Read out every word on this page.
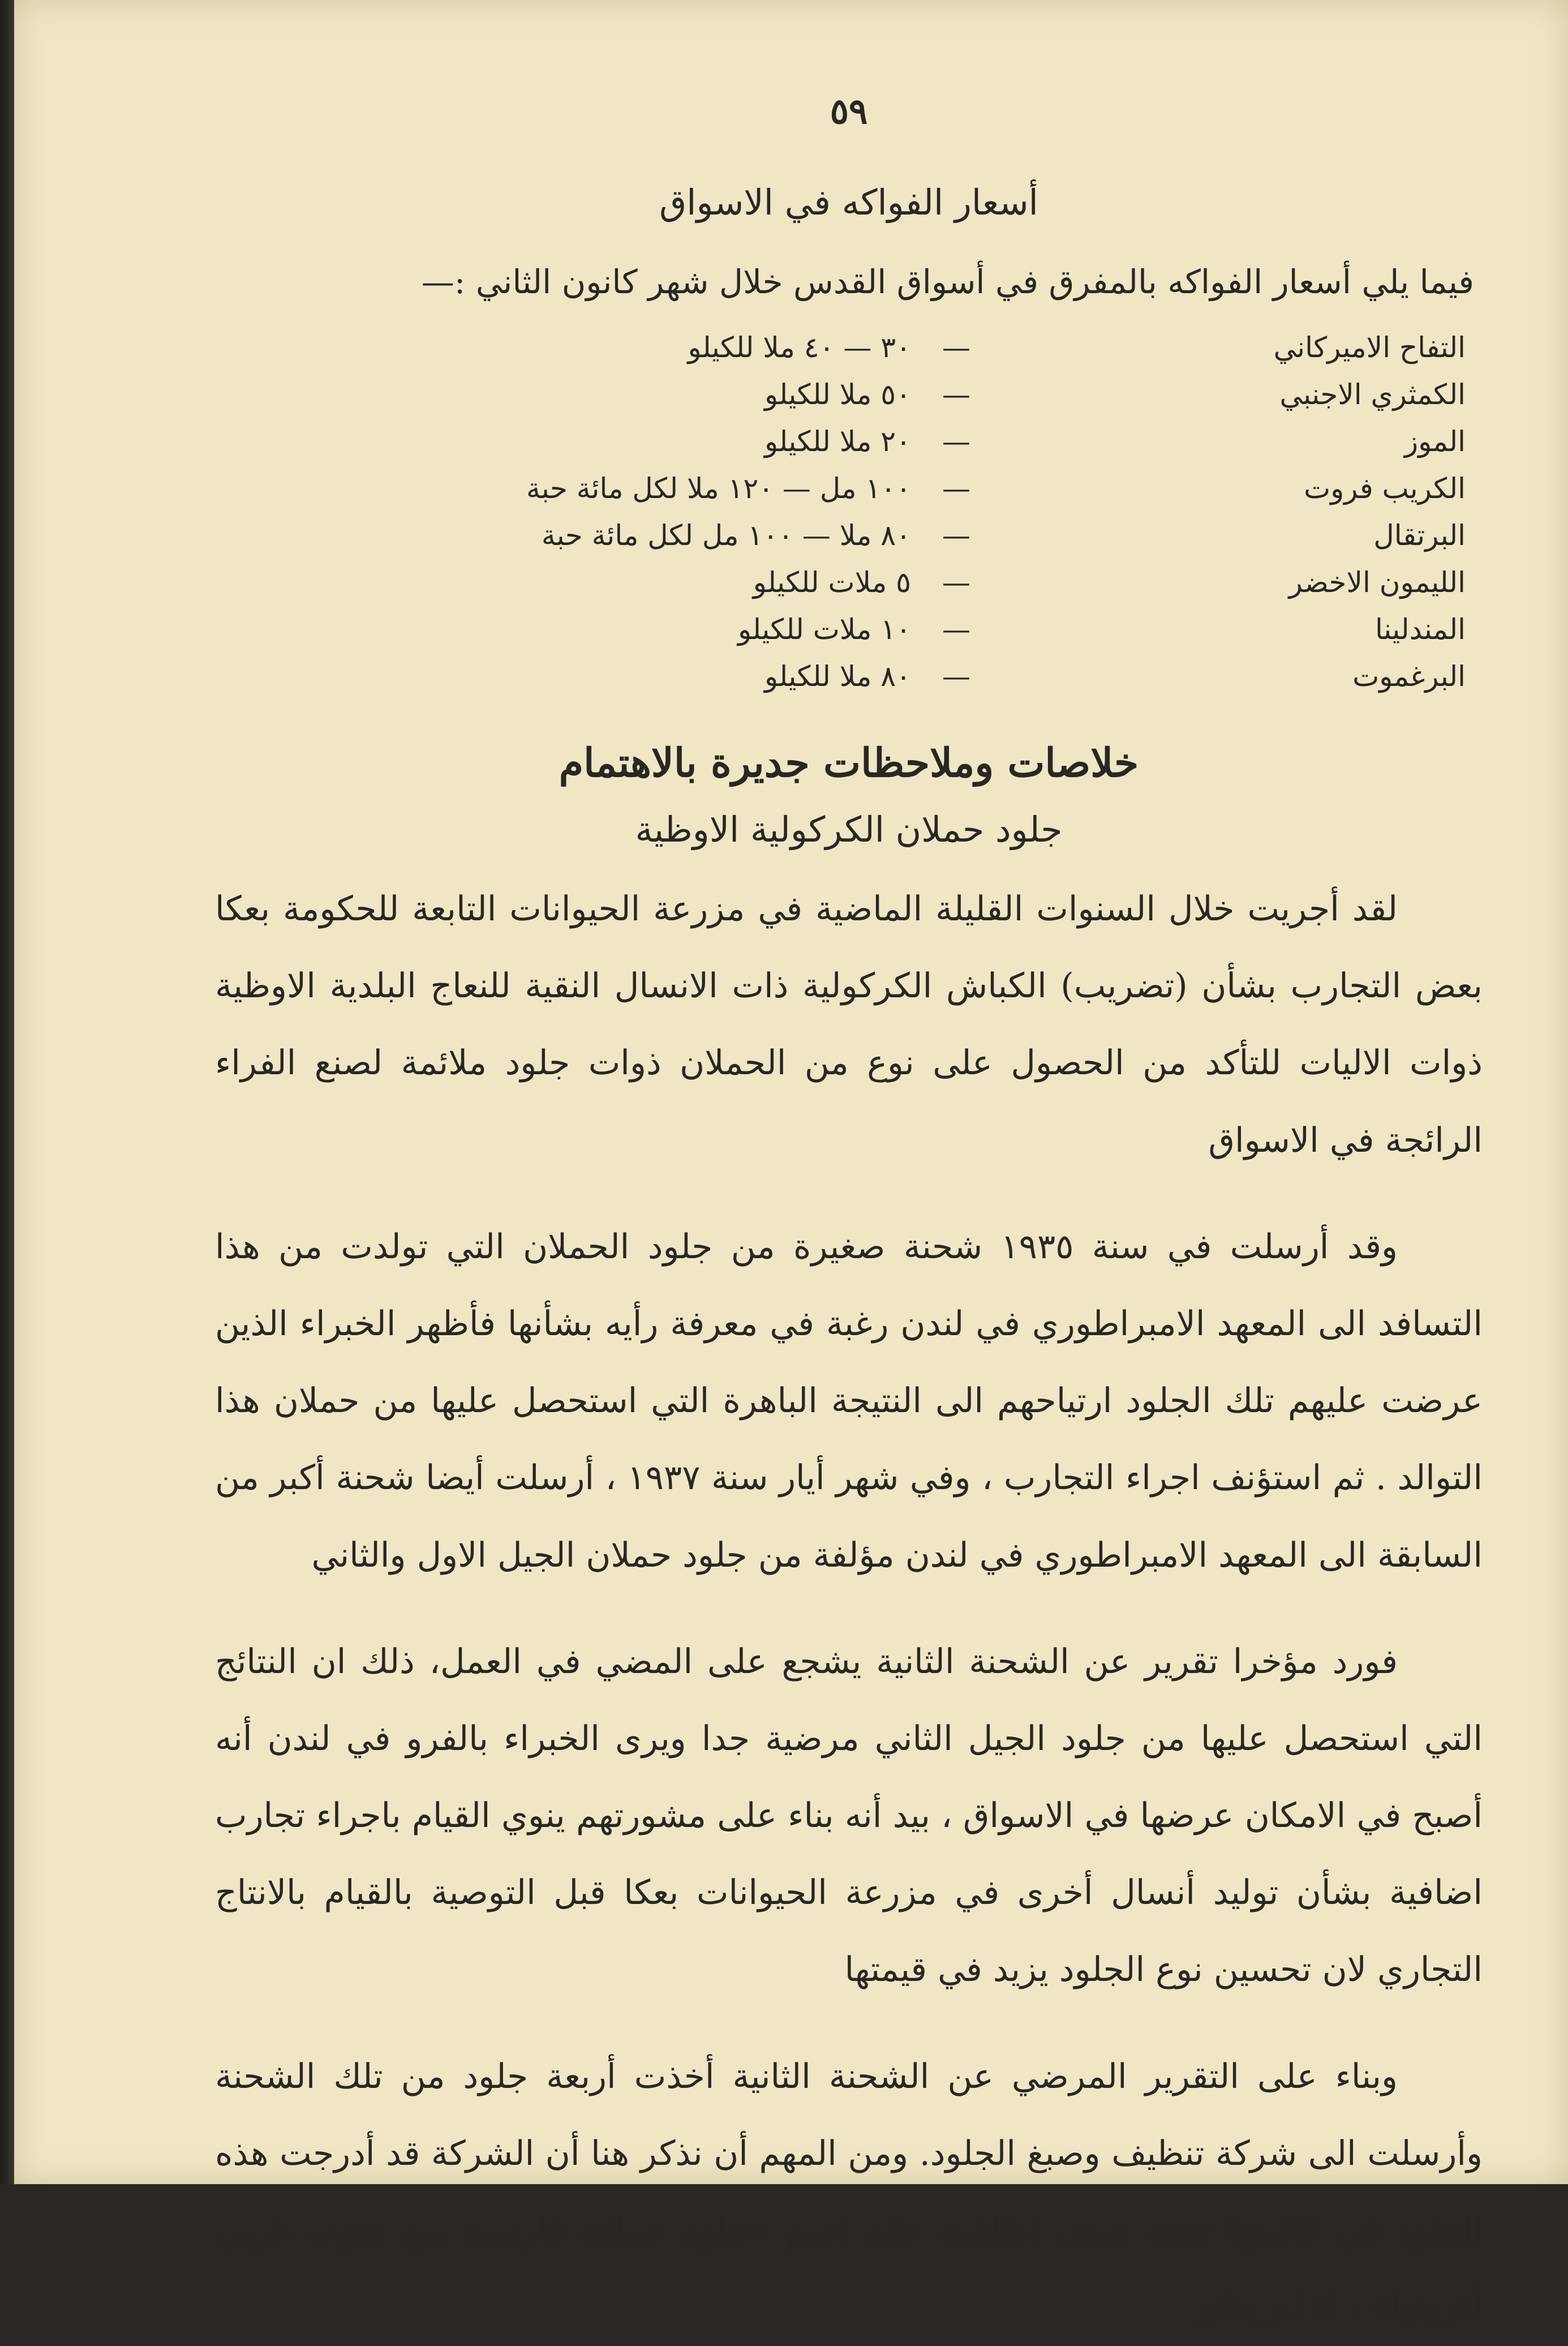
٥٩
أسعار الفواكه في الاسواق
فيما يلي أسعار الفواكه بالمفرق في أسواق القدس خلال شهر كانون الثاني :—
التفاح الاميركاني
—
٣٠ — ٤٠ ملا للكيلو
الكمثري الاجنبي
—
٥٠ ملا للكيلو
الموز
—
٢٠ ملا للكيلو
الكريب فروت
—
١٠٠ مل — ١٢٠ ملا لكل مائة حبة
البرتقال
—
٨٠ ملا — ١٠٠ مل لكل مائة حبة
الليمون الاخضر
—
٥ ملات للكيلو
المندلينا
—
١٠ ملات للكيلو
البرغموت
—
٨٠ ملا للكيلو
خلاصات وملاحظات جديرة بالاهتمام
جلود حملان الكركولية الاوظية

لقد أجريت خلال السنوات القليلة الماضية في مزرعة الحيوانات التابعة للحكومة بعكا بعض التجارب بشأن (تضريب) الكباش الكركولية ذات الانسال النقية للنعاج البلدية الاوظية ذوات الاليات للتأكد من الحصول على نوع من الحملان ذوات جلود ملائمة لصنع الفراء الرائجة في الاسواق

وقد أرسلت في سنة ١٩٣٥ شحنة صغيرة من جلود الحملان التي تولدت من هذا التسافد الى المعهد الامبراطوري في لندن رغبة في معرفة رأيه بشأنها فأظهر الخبراء الذين عرضت عليهم تلك الجلود ارتياحهم الى النتيجة الباهرة التي استحصل عليها من حملان هذا التوالد . ثم استؤنف اجراء التجارب ، وفي شهر أيار سنة ١٩٣٧ ، أرسلت أيضا شحنة أكبر من السابقة الى المعهد الامبراطوري في لندن مؤلفة من جلود حملان الجيل الاول والثاني

فورد مؤخرا تقرير عن الشحنة الثانية يشجع على المضي في العمل، ذلك ان النتائج التي استحصل عليها من جلود الجيل الثاني مرضية جدا ويرى الخبراء بالفرو في لندن أنه أصبح في الامكان عرضها في الاسواق ، بيد أنه بناء على مشورتهم ينوي القيام باجراء تجارب اضافية بشأن توليد أنسال أخرى في مزرعة الحيوانات بعكا قبل التوصية بالقيام بالانتاج التجاري لان تحسين نوع الجلود يزيد في قيمتها

وبناء على التقرير المرضي عن الشحنة الثانية أخذت أربعة جلود من تلك الشحنة وأرسلت الى شركة تنظيف وصبغ الجلود. ومن المهم أن نذكر هنا أن الشركة قد أدرجت هذه الجلود في قائمتها تحت صنف اطلقت عليه اسم «جلود حملان فارسية من جنوب غربي أفريقيا» ، اذ لم يذكر
